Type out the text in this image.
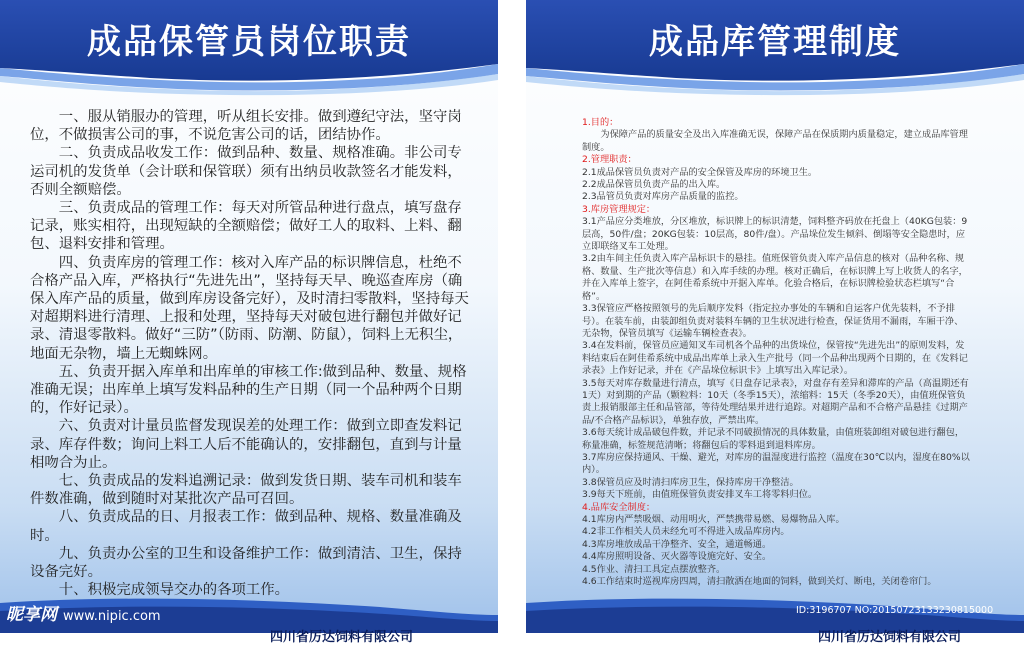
成品保管员岗位职责

一、服从销服办的管理，听从组长安排。做到遵纪守法，坚守岗位，不做损害公司的事，不说危害公司的话，团结协作。

二、负责成品收发工作：做到品种、数量、规格准确。非公司专运司机的发货单（会计联和保管联）须有出纳员收款签名才能发料，否则全额赔偿。

三、负责成品的管理工作：每天对所管品种进行盘点，填写盘存记录，账实相符，出现短缺的全额赔偿；做好工人的取料、上料、翻包、退料安排和管理。

四、负责库房的管理工作：核对入库产品的标识牌信息，杜绝不合格产品入库，严格执行“先进先出”，坚持每天早、晚巡查库房（确保入库产品的质量，做到库房设备完好），及时清扫零散料，坚持每天对超期料进行清理、上报和处理，坚持每天对破包进行翻包并做好记录、清退零散料。做好“三防”（防雨、防潮、防鼠），饲料上无积尘，地面无杂物，墙上无蜘蛛网。

五、负责开据入库单和出库单的审核工作:做到品种、数量、规格准确无误；出库单上填写发料品种的生产日期（同一个品种两个日期的，作好记录）。

六、负责对计量员监督发现误差的处理工作：做到立即查发料记录、库存件数；询问上料工人后不能确认的，安排翻包，直到与计量相吻合为止。

七、负责成品的发料追溯记录：做到发货日期、装车司机和装车件数准确，做到随时对某批次产品可召回。

八、负责成品的日、月报表工作：做到品种、规格、数量准确及时。

九、负责办公室的卫生和设备维护工作：做到清洁、卫生，保持设备完好。

十、积极完成领导交办的各项工作。

四川省厉达饲料有限公司
成品库管理制度

1.目的：

为保障产品的质量安全及出入库准确无误，保障产品在保质期内质量稳定，建立成品库管理制度。

2.管理职责：

2.1成品保管员负责对产品的安全保管及库房的环境卫生。

2.2成品保管员负责产品的出入库。

2.3品管员负责对库房产品质量的监控。

3.库房管理规定：

3.1产品应分类堆放，分区堆放，标识牌上的标识清楚，饲料整齐码放在托盘上（40KG包装：9层高，50件/盘；20KG包装：10层高，80件/盘）。产品垛位发生倾斜、倒塌等安全隐患时，应立即联络叉车工处理。

3.2由车间主任负责入库产品标识卡的悬挂。值班保管负责入库产品信息的核对（品种名称、规格、数量、生产批次等信息）和入库手续的办理。核对正确后，在标识牌上写上收货人的名字，并在入库单上签字，在阿佳希系统中开据入库单。化验合格后，在标识牌检验状态栏填写“合格”。

3.3保管应严格按照领号的先后顺序发料（指定拉办事处的车辆和自运客户优先装料，不予排号）。在装车前，由装卸组负责对装料车辆的卫生状况进行检查，保证货用不漏雨，车厢干净、无杂物，保管员填写《运输车辆检查表》。

3.4在发料前，保管员应通知叉车司机各个品种的出货垛位，保管按“先进先出”的原则发料，发料结束后在阿佳希系统中成品出库单上录入生产批号（同一个品种出现两个日期的，在《发料记录表》上作好记录，并在《产品垛位标识卡》上填写出入库记录）。

3.5每天对库存数量进行清点，填写《日盘存记录表》，对盘存有差异和滞库的产品（高温期还有1天）对到期的产品（颗粒料：10天（冬季15天），浓缩料：15天（冬季20天），由值班保管负责上报销服部主任和品管部，等待处理结果并进行追踪。对超期产品和不合格产品悬挂《过期产品/不合格产品标识》，单独存放，严禁出库。

3.6每天统计成品破包件数，并记录不同破损情况的具体数量，由值班装卸组对破包进行翻包，称量准确，标签规范清晰；将翻包后的零料退到退料库房。

3.7库房应保持通风、干燥、避光，对库房的温湿度进行监控（温度在30℃以内，湿度在80%以内）。

3.8保管员应及时清扫库房卫生，保持库房干净整洁。

3.9每天下班前，由值班保管负责安排叉车工将零料归位。

4.品库安全制度：

4.1库房内严禁吸烟、动用明火，严禁携带易燃、易爆物品入库。

4.2非工作相关人员未经允可不得进入成品库房内。

4.3库房堆放成品干净整齐、安全，通道畅通。

4.4库房照明设备、灭火器等设施完好、安全。

4.5作业、清扫工具定点摆放整齐。

4.6工作结束时巡视库房四周，清扫散洒在地面的饲料，做到关灯、断电，关闭卷帘门。

四川省厉达饲料有限公司
昵享网 www.nipic.com	ID:3196707 NO:20150723133230815000
